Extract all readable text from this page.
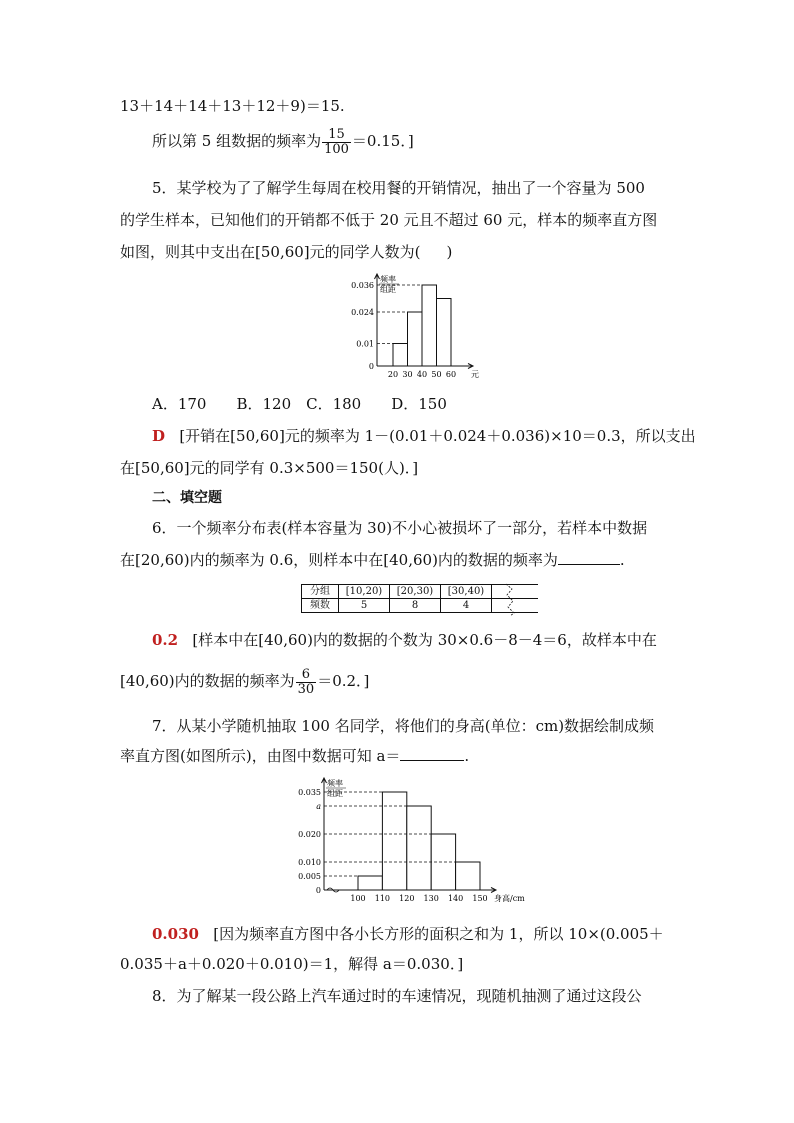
13＋14＋14＋13＋12＋9)＝15.
所以第 5 组数据的频率为 $\frac{15}{100} =0.15$．]
5．某学校为了了解学生每周在校用餐的开销情况，抽出了一个容量为 500
的学生样本，已知他们的开销都不低于 20 元且不超过 60 元，样本的频率直方图
如图，则其中支出在[50,60]元的同学人数为( )
频率
组距
0.036
0.024
0.01
0
20 30 40 50 60 元
A．170　　B．120　C．180　　D．150
D [开销在[50,60]元的频率为 1－(0.01＋0.024＋0.036)×10＝0.3，所以支出
在[50,60]元的同学有 0.3×500＝150(人)．]
二、填空题
6．一个频率分布表(样本容量为 30)不小心被损坏了一部分，若样本中数据
在[20,60)内的频率为 0.6，则样本中在[40,60)内的数据的频率为	.
分组	[10,20)	[20,30)	[30,40)	
频数	5	8	4	
0.2 [样本中在[40,60)内的数据的个数为 30×0.6－8－4＝6，故样本中在
[40,60)内的数据的频率为 $\frac{6}{30} =0.2$．]
7．从某小学随机抽取 100 名同学，将他们的身高(单位：cm)数据绘制成频
率直方图(如图所示)，由图中数据可知 a＝	.
频率
组距
0.035
a
0.020
0.010
0.005
0
100 110 120 130 140 150 身高/cm
0.030 [因为频率直方图中各小长方形的面积之和为 1，所以 10×(0.005＋
0.035＋a＋0.020＋0.010)＝1，解得 a＝0.030．]
8．为了解某一段公路上汽车通过时的车速情况，现随机抽测了通过这段公
